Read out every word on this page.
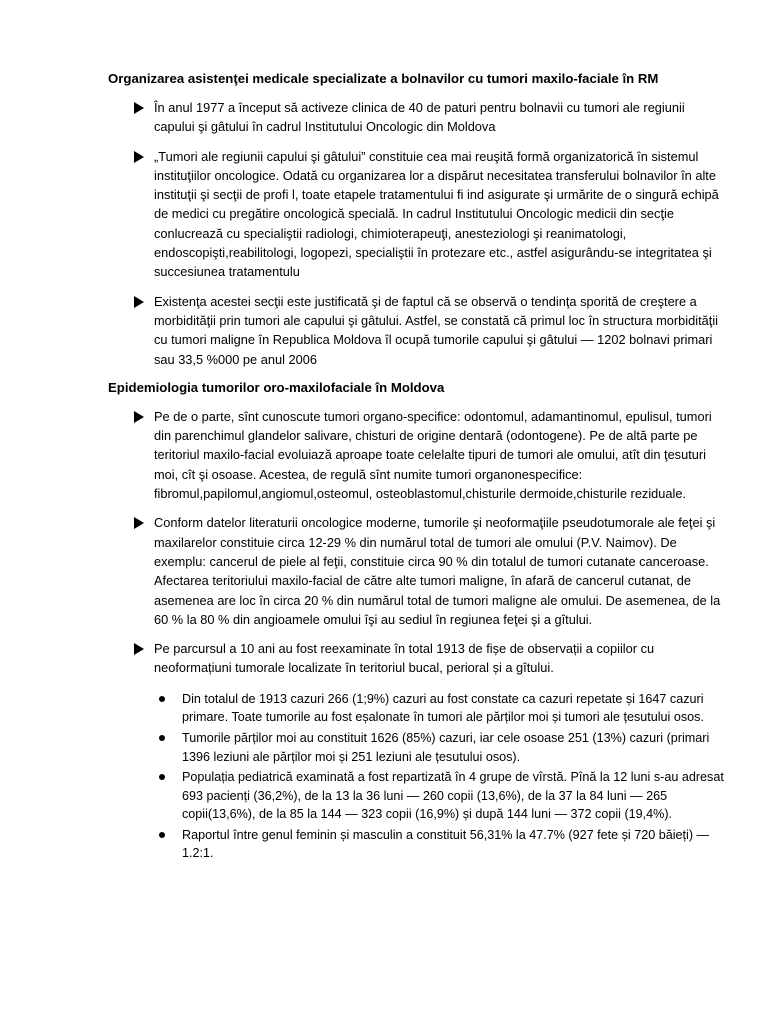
Organizarea asistenţei medicale specializate a bolnavilor cu tumori maxilo-faciale în RM
În anul 1977 a început să activeze clinica de 40 de paturi pentru bolnavii cu tumori ale regiunii capului şi gâtului în cadrul Institutului Oncologic din Moldova
„Tumori ale regiunii capului şi gâtului” constituie cea mai reuşită formă organizatorică în sistemul instituţiilor oncologice. Odată cu organizarea lor a dispărut necesitatea transferului bolnavilor în alte instituţii şi secţii de profi l, toate etapele tratamentului fi ind asigurate şi urmărite de o singură echipă de medici cu pregătire oncologică specială. In cadrul Institutului Oncologic medicii din secţie conlucrează cu specialiştii radiologi, chimioterapeuţi, anesteziologi şi reanimatologi, endoscopişti,reabilitologi, logopezi, specialiştii în protezare etc., astfel asigurându-se integritatea şi succesiunea tratamentulu
Existenţa acestei secţii este justificată şi de faptul că se observă o tendinţa sporită de creştere a morbidităţii prin tumori ale capului şi gâtului. Astfel, se constată că primul loc în structura morbidităţii cu tumori maligne în Republica Moldova îl ocupă tumorile capului şi gâtului — 1202 bolnavi primari sau 33,5 %000 pe anul 2006
Epidemiologia tumorilor oro-maxilofaciale în Moldova
Pe de o parte, sînt cunoscute tumori organo-specifice: odontomul, adamantinomul, epulisul, tumori din parenchimul glandelor salivare, chisturi de origine dentară (odontogene). Pe de altă parte pe teritoriul maxilo-facial evoluiază aproape toate celelalte tipuri de tumori ale omului, atît din ţesuturi moi, cît şi osoase. Acestea, de regulă sînt numite tumori organonespecifice: fibromul,papilomul,angiomul,osteomul, osteoblastomul,chisturile dermoide,chisturile reziduale.
Conform datelor literaturii oncologice moderne, tumorile şi neoformaţiile pseudotumorale ale feţei şi maxilarelor constituie circa 12-29 % din numărul total de tumori ale omului (P.V. Naimov). De exemplu: cancerul de piele al feţii, constituie circa 90 % din totalul de tumori cutanate canceroase. Afectarea teritoriului maxilo-facial de către alte tumori maligne, în afară de cancerul cutanat, de asemenea are loc în circa 20 % din numărul total de tumori maligne ale omului. De asemenea, de la 60 % la 80 % din angioamele omului îşi au sediul în regiunea feţei şi a gîtului.
Pe parcursul a 10 ani au fost reexaminate în total 1913 de fișe de observații a copiilor cu neoformațiuni tumorale localizate în teritoriul bucal, perioral și a gîtului.
Din totalul de 1913 cazuri 266 (1;9%) cazuri au fost constate ca cazuri repetate și 1647 cazuri primare. Toate tumorile au fost eșalonate în tumori ale părților moi și tumori ale țesutului osos.
Tumorile părților moi au constituit 1626 (85%) cazuri, iar cele osoase 251 (13%) cazuri (primari 1396 leziuni ale părților moi și 251 leziuni ale țesutului osos).
Populația pediatrică examinată a fost repartizată în 4 grupe de vîrstă. Pînă la 12 luni s-au adresat 693 pacienți (36,2%), de la 13 la 36 luni — 260 copii (13,6%), de la 37 la 84 luni — 265 copii(13,6%), de la 85 la 144 — 323 copii (16,9%) și după 144 luni — 372 copii (19,4%).
Raportul între genul feminin și masculin a constituit 56,31% la 47.7% (927 fete și 720 băieți) — 1.2:1.
